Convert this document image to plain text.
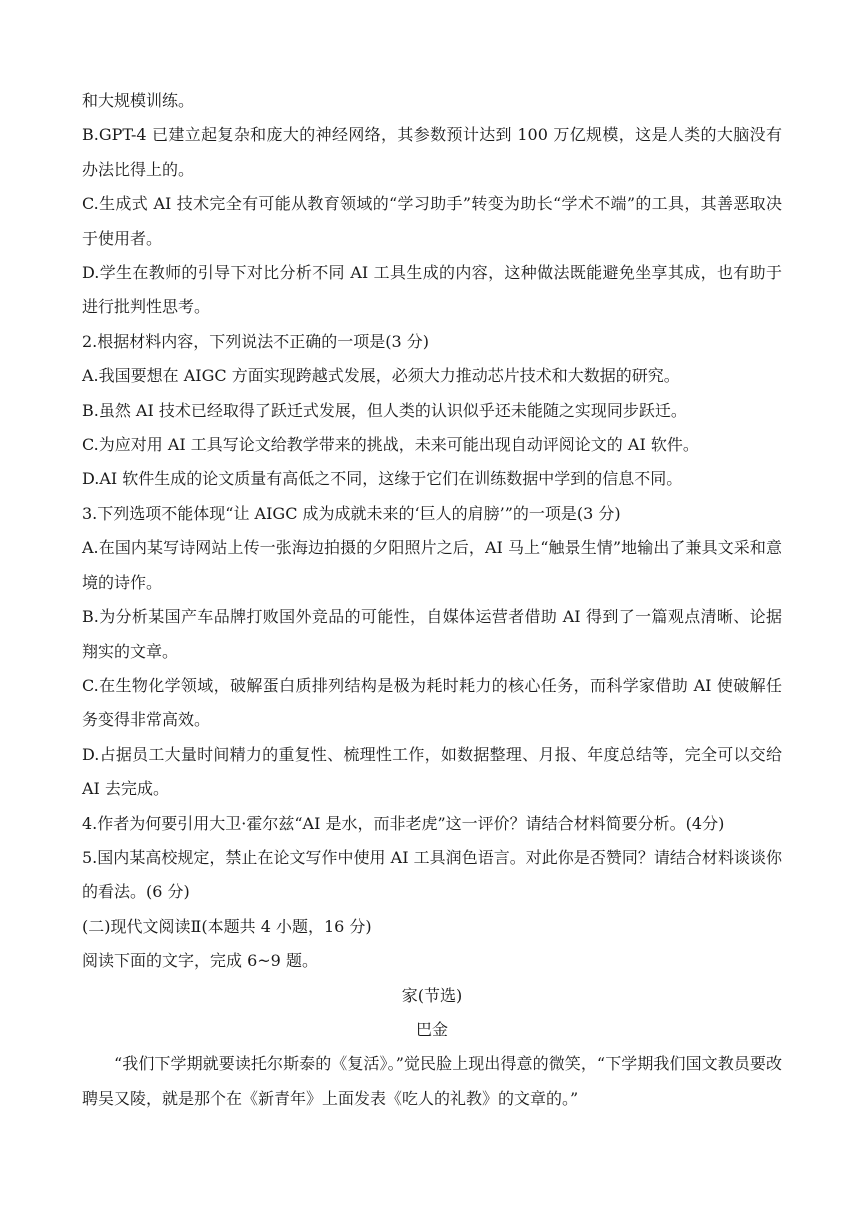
和大规模训练。

B.GPT-4 已建立起复杂和庞大的神经网络，其参数预计达到 100 万亿规模，这是人类的大脑没有办法比得上的。

C.生成式 AI 技术完全有可能从教育领域的“学习助手”转变为助长“学术不端”的工具，其善恶取决于使用者。

D.学生在教师的引导下对比分析不同 AI 工具生成的内容，这种做法既能避免坐享其成，也有助于进行批判性思考。

2.根据材料内容，下列说法不正确的一项是(3 分)

A.我国要想在 AIGC 方面实现跨越式发展，必须大力推动芯片技术和大数据的研究。

B.虽然 AI 技术已经取得了跃迁式发展，但人类的认识似乎还未能随之实现同步跃迁。

C.为应对用 AI 工具写论文给教学带来的挑战，未来可能出现自动评阅论文的 AI 软件。

D.AI 软件生成的论文质量有高低之不同，这缘于它们在训练数据中学到的信息不同。

3.下列选项不能体现“让 AIGC 成为成就未来的‘巨人的肩膀’”的一项是(3 分)

A.在国内某写诗网站上传一张海边拍摄的夕阳照片之后，AI 马上“触景生情”地输出了兼具文采和意境的诗作。

B.为分析某国产车品牌打败国外竞品的可能性，自媒体运营者借助 AI 得到了一篇观点清晰、论据翔实的文章。

C.在生物化学领域，破解蛋白质排列结构是极为耗时耗力的核心任务，而科学家借助 AI 使破解任务变得非常高效。

D.占据员工大量时间精力的重复性、梳理性工作，如数据整理、月报、年度总结等，完全可以交给 AI 去完成。

4.作者为何要引用大卫·霍尔兹“AI 是水，而非老虎”这一评价？请结合材料简要分析。(4分)

5.国内某高校规定，禁止在论文写作中使用 AI 工具润色语言。对此你是否赞同？请结合材料谈谈你的看法。(6 分)

(二)现代文阅读Ⅱ(本题共 4 小题，16 分)

阅读下面的文字，完成 6~9 题。

家(节选)

巴金

“我们下学期就要读托尔斯泰的《复活》。”觉民脸上现出得意的微笑，“下学期我们国文教员要改聘吴又陵，就是那个在《新青年》上面发表《吃人的礼教》的文章的。”
